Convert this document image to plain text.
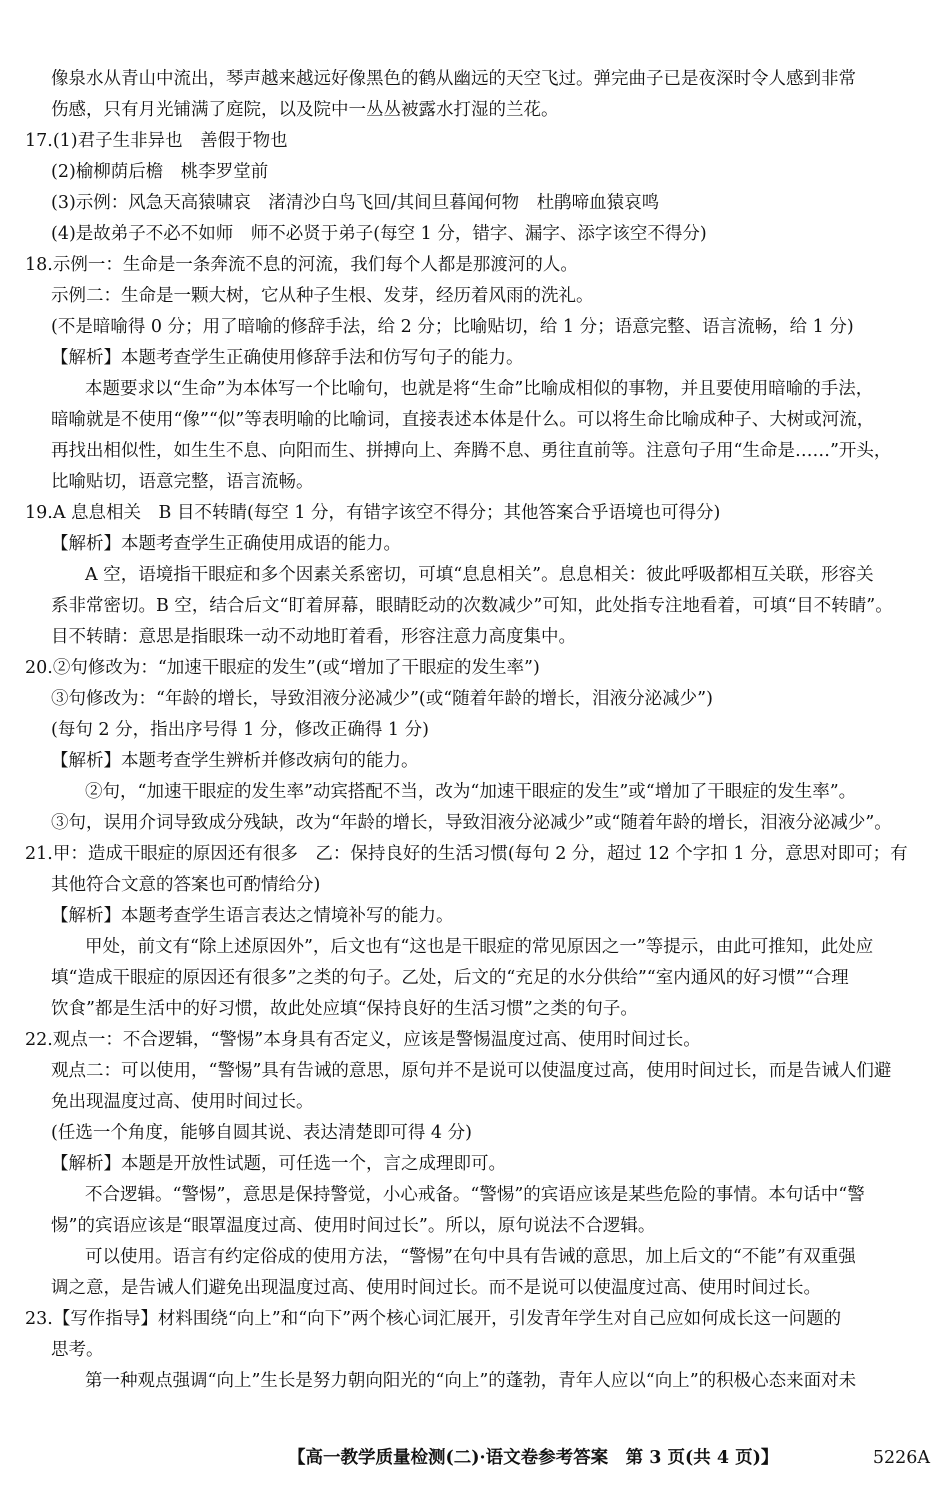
像泉水从青山中流出，琴声越来越远好像黑色的鹤从幽远的天空飞过。弹完曲子已是夜深时令人感到非常
伤感，只有月光铺满了庭院，以及院中一丛丛被露水打湿的兰花。
17.(1)君子生非异也　善假于物也
(2)榆柳荫后檐　桃李罗堂前
(3)示例：风急天高猿啸哀　渚清沙白鸟飞回/其间旦暮闻何物　杜鹃啼血猿哀鸣
(4)是故弟子不必不如师　师不必贤于弟子(每空 1 分，错字、漏字、添字该空不得分)
18.示例一：生命是一条奔流不息的河流，我们每个人都是那渡河的人。
示例二：生命是一颗大树，它从种子生根、发芽，经历着风雨的洗礼。
(不是暗喻得 0 分；用了暗喻的修辞手法，给 2 分；比喻贴切，给 1 分；语意完整、语言流畅，给 1 分)
【解析】本题考查学生正确使用修辞手法和仿写句子的能力。
本题要求以“生命”为本体写一个比喻句，也就是将“生命”比喻成相似的事物，并且要使用暗喻的手法，
暗喻就是不使用“像”“似”等表明喻的比喻词，直接表述本体是什么。可以将生命比喻成种子、大树或河流，
再找出相似性，如生生不息、向阳而生、拼搏向上、奔腾不息、勇往直前等。注意句子用“生命是……”开头，
比喻贴切，语意完整，语言流畅。
19.A 息息相关　B 目不转睛(每空 1 分，有错字该空不得分；其他答案合乎语境也可得分)
【解析】本题考查学生正确使用成语的能力。
A 空，语境指干眼症和多个因素关系密切，可填“息息相关”。息息相关：彼此呼吸都相互关联，形容关
系非常密切。B 空，结合后文“盯着屏幕，眼睛眨动的次数减少”可知，此处指专注地看着，可填“目不转睛”。
目不转睛：意思是指眼珠一动不动地盯着看，形容注意力高度集中。
20.②句修改为：“加速干眼症的发生”(或“增加了干眼症的发生率”)
③句修改为：“年龄的增长，导致泪液分泌减少”(或“随着年龄的增长，泪液分泌减少”)
(每句 2 分，指出序号得 1 分，修改正确得 1 分)
【解析】本题考查学生辨析并修改病句的能力。
②句，“加速干眼症的发生率”动宾搭配不当，改为“加速干眼症的发生”或“增加了干眼症的发生率”。
③句，误用介词导致成分残缺，改为“年龄的增长，导致泪液分泌减少”或“随着年龄的增长，泪液分泌减少”。
21.甲：造成干眼症的原因还有很多　乙：保持良好的生活习惯(每句 2 分，超过 12 个字扣 1 分，意思对即可；有
其他符合文意的答案也可酌情给分)
【解析】本题考查学生语言表达之情境补写的能力。
甲处，前文有“除上述原因外”，后文也有“这也是干眼症的常见原因之一”等提示，由此可推知，此处应
填“造成干眼症的原因还有很多”之类的句子。乙处，后文的“充足的水分供给”“室内通风的好习惯”“合理
饮食”都是生活中的好习惯，故此处应填“保持良好的生活习惯”之类的句子。
22.观点一：不合逻辑，“警惕”本身具有否定义，应该是警惕温度过高、使用时间过长。
观点二：可以使用，“警惕”具有告诫的意思，原句并不是说可以使温度过高，使用时间过长，而是告诫人们避
免出现温度过高、使用时间过长。
(任选一个角度，能够自圆其说、表达清楚即可得 4 分)
【解析】本题是开放性试题，可任选一个，言之成理即可。
不合逻辑。“警惕”，意思是保持警觉，小心戒备。“警惕”的宾语应该是某些危险的事情。本句话中“警
惕”的宾语应该是“眼罩温度过高、使用时间过长”。所以，原句说法不合逻辑。
可以使用。语言有约定俗成的使用方法，“警惕”在句中具有告诫的意思，加上后文的“不能”有双重强
调之意，是告诫人们避免出现温度过高、使用时间过长。而不是说可以使温度过高、使用时间过长。
23.【写作指导】材料围绕“向上”和“向下”两个核心词汇展开，引发青年学生对自己应如何成长这一问题的
思考。
第一种观点强调“向上”生长是努力朝向阳光的“向上”的蓬勃，青年人应以“向上”的积极心态来面对未
【高一教学质量检测(二)·语文卷参考答案　第 3 页(共 4 页)】	5226A
